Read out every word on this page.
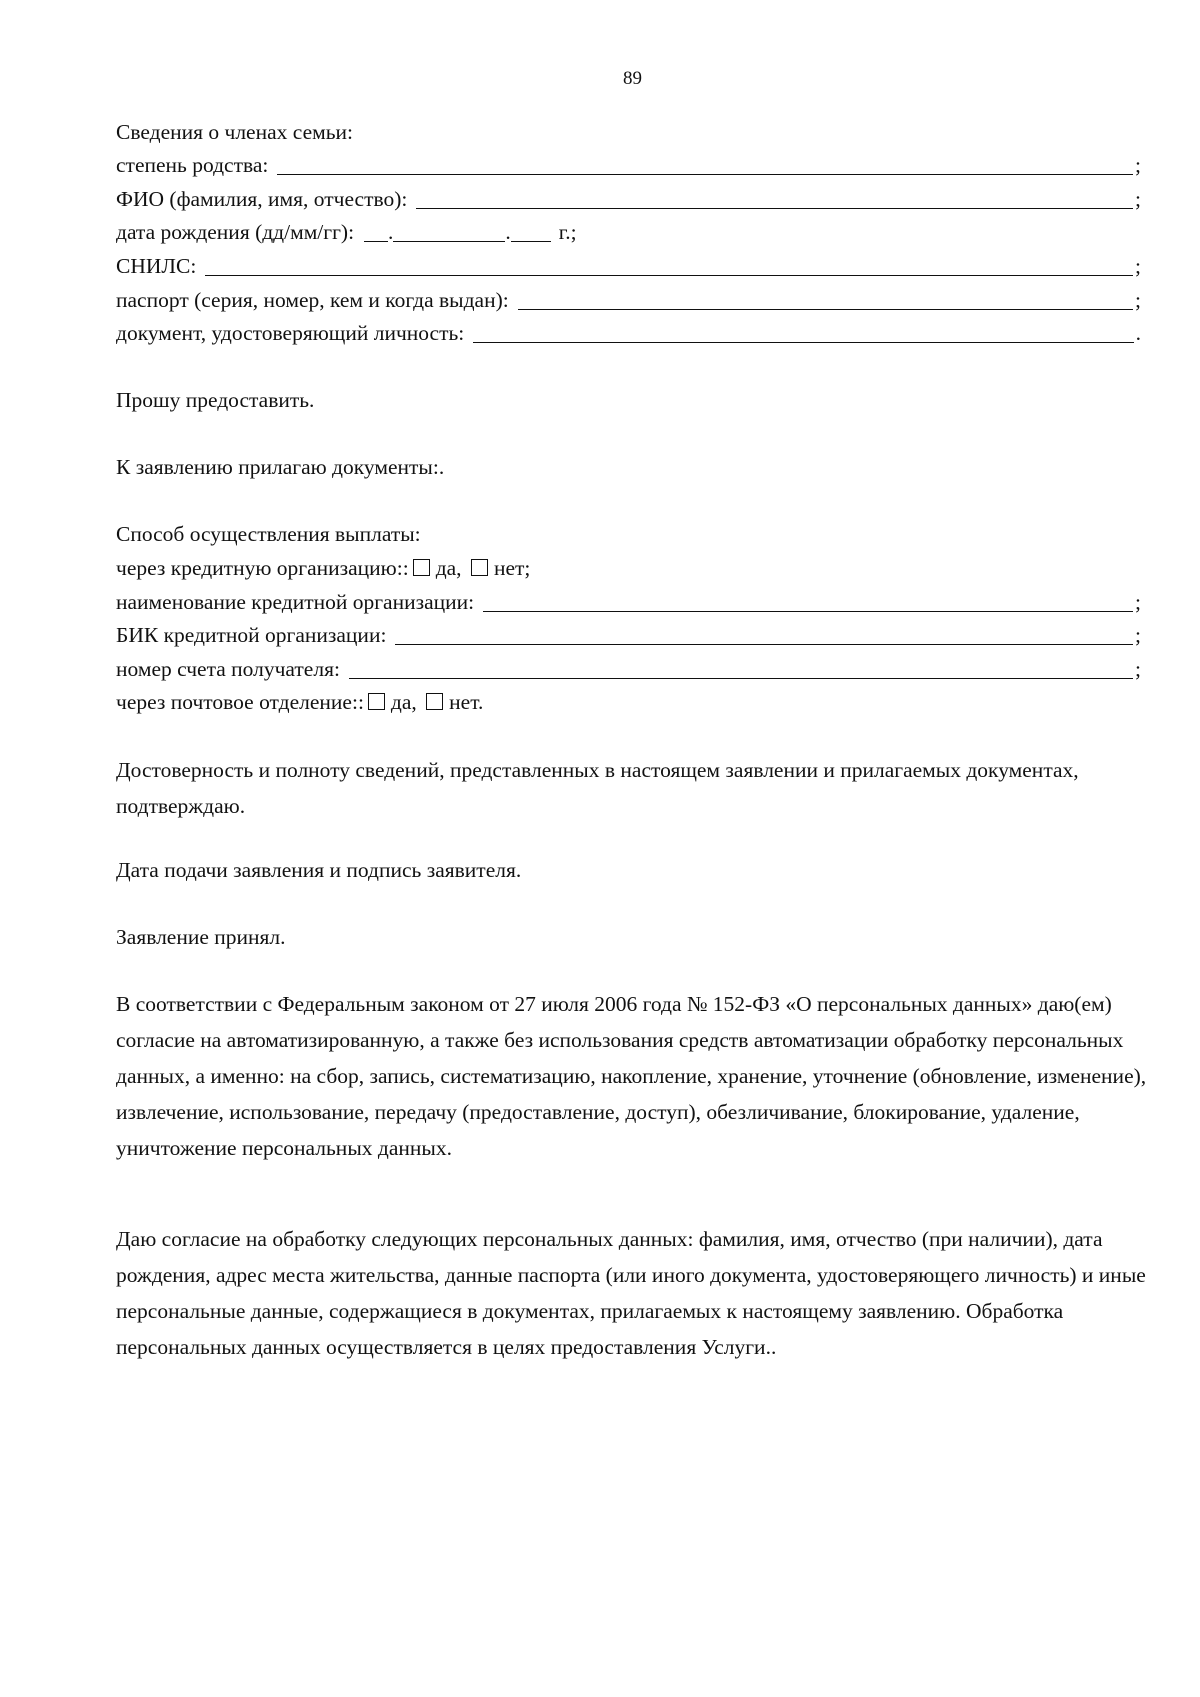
89
Сведения о членах семьи:
степень родства:	;
ФИО (фамилия, имя, отчество):	;
дата рождения (дд/мм/гг): .	. г.;
СНИЛС:	;
паспорт (серия, номер, кем и когда выдан):	;
документ, удостоверяющий личность:	.

Прошу предоставить.

К заявлению прилагаю документы:.

Способ осуществления выплаты:
через кредитную организацию::	да, нет;
наименование кредитной организации:	;
БИК кредитной организации:	;
номер счета получателя:	;
через почтовое отделение::	да, нет.

Достоверность и полноту сведений, представленных в настоящем заявлении и прилагаемых документах, подтверждаю.

Дата подачи заявления и подпись заявителя.

Заявление принял.

В соответствии с Федеральным законом от 27 июля 2006 года № 152-ФЗ «О персональных данных» даю(ем) согласие на автоматизированную, а также без использования средств автоматизации обработку персональных данных, а именно: на сбор, запись, систематизацию, накопление, хранение, уточнение (обновление, изменение), извлечение, использование, передачу (предоставление, доступ), обезличивание, блокирование, удаление, уничтожение персональных данных.

Даю согласие на обработку следующих персональных данных: фамилия, имя, отчество (при наличии), дата рождения, адрес места жительства, данные паспорта (или иного документа, удостоверяющего личность) и иные персональные данные, содержащиеся в документах, прилагаемых к настоящему заявлению. Обработка персональных данных осуществляется в целях предоставления Услуги..
